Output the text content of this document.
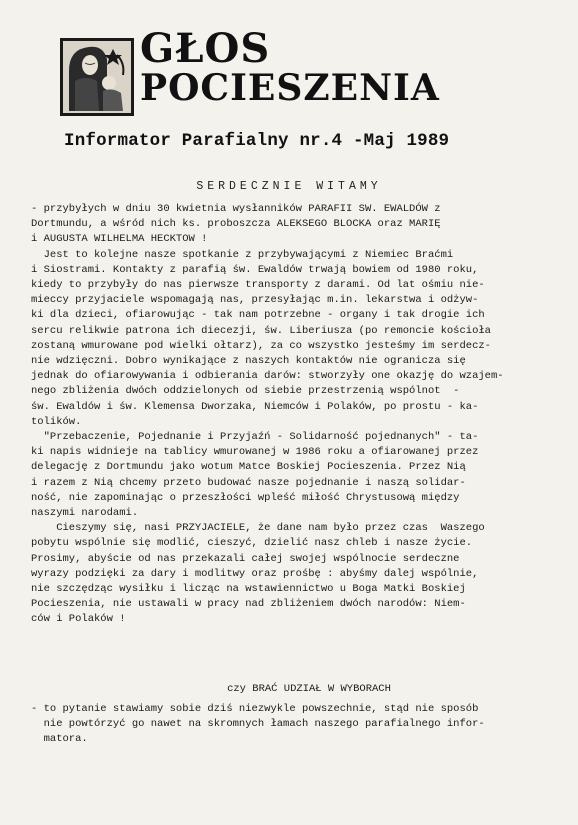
GŁOS
POCIESZENIA
Informator Parafialny nr.4 -Maj 1989
SERDECZNIE WITAMY

- przybyłych w dniu 30 kwietnia wysłanników PARAFII SW. EWALDÓW z

Dortmundu, a wśród nich ks. proboszcza ALEKSEGO BLOCKA oraz MARIĘ

i AUGUSTA WILHELMA HECKTOW !

Jest to kolejne nasze spotkanie z przybywającymi z Niemiec Braćmi

i Siostrami. Kontakty z parafią św. Ewaldów trwają bowiem od 1980 roku,

kiedy to przybyły do nas pierwsze transporty z darami. Od lat ośmiu nie-

mieccy przyjaciele wspomagają nas, przesyłając m.in. lekarstwa i odżyw-

ki dla dzieci, ofiarowując - tak nam potrzebne - organy i tak drogie ich

sercu relikwie patrona ich diecezji, św. Liberiusza (po remoncie kościoła

zostaną wmurowane pod wielki ołtarz), za co wszystko jesteśmy im serdecz-

nie wdzięczni. Dobro wynikające z naszych kontaktów nie ogranicza się

jednak do ofiarowywania i odbierania darów: stworzyły one okazję do wzajem-

nego zbliżenia dwóch oddzielonych od siebie przestrzenią wspólnot  -

św. Ewaldów i św. Klemensa Dworzaka, Niemców i Polaków, po prostu - ka-

tolików.

"Przebaczenie, Pojednanie i Przyjaźń - Solidarność pojednanych" - ta-

ki napis widnieje na tablicy wmurowanej w 1986 roku a ofiarowanej przez

delegację z Dortmundu jako wotum Matce Boskiej Pocieszenia. Przez Nią

i razem z Nią chcemy przeto budować nasze pojednanie i naszą solidar-

ność, nie zapominając o przeszłości wpleść miłość Chrystusową między

naszymi narodami.

Cieszymy się, nasi PRZYJACIELE, że dane nam było przez czas  Waszego

pobytu wspólnie się modlić, cieszyć, dzielić nasz chleb i nasze życie.

Prosimy, abyście od nas przekazali całej swojej wspólnocie serdeczne

wyrazy podzięki za dary i modlitwy oraz prośbę : abyśmy dalej wspólnie,

nie szczędząc wysiłku i licząc na wstawiennictwo u Boga Matki Boskiej

Pocieszenia, nie ustawali w pracy nad zbliżeniem dwóch narodów: Niem-

ców i Polaków !

czy BRAĆ UDZIAŁ W WYBORACH

- to pytanie stawiamy sobie dziś niezwykle powszechnie, stąd nie sposób

nie powtórzyć go nawet na skromnych łamach naszego parafialnego infor-

matora.
